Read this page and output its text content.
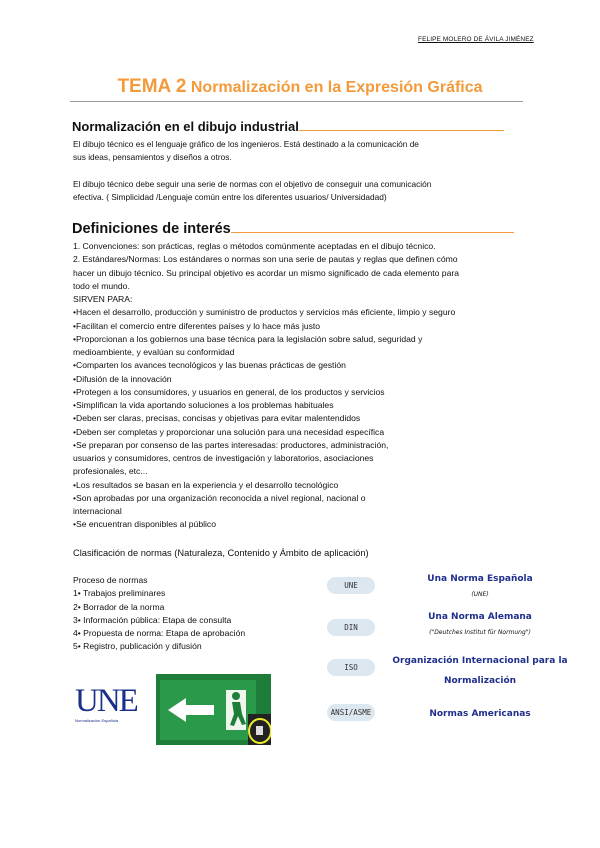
FELIPE MOLERO DE ÁVILA JIMÉNEZ
TEMA 2 Normalización en la Expresión Gráfica
Normalización en el dibujo industrial
El dibujo técnico es el lenguaje gráfico de los ingenieros. Está destinado a la comunicación de
sus ideas, pensamientos y diseños a otros.
El dibujo técnico debe seguir una serie de normas con el objetivo de conseguir una comunicación
efectiva. ( Simplicidad /Lenguaje común entre los diferentes usuarios/ Universidadad)
Definiciones de interés
1. Convenciones: son prácticas, reglas o métodos comúnmente aceptadas en el dibujo técnico.
2. Estándares/Normas: Los estándares o normas son una serie de pautas y reglas que definen cómo
hacer un dibujo técnico. Su principal objetivo es acordar un mismo significado de cada elemento para
todo el mundo.
SIRVEN PARA:
•Hacen el desarrollo, producción y suministro de productos y servicios más eficiente, limpio y seguro
•Facilitan el comercio entre diferentes países y lo hace más justo
•Proporcionan a los gobiernos una base técnica para la legislación sobre salud, seguridad y
medioambiente, y evalúan su conformidad
•Comparten los avances tecnológicos y las buenas prácticas de gestión
•Difusión de la innovación
•Protegen a los consumidores, y usuarios en general, de los productos y servicios
•Simplifican la vida aportando soluciones a los problemas habituales
•Deben ser claras, precisas, concisas y objetivas para evitar malentendidos
•Deben ser completas y proporcionar una solución para una necesidad específica
•Se preparan por consenso de las partes interesadas: productores, administración,
usuarios y consumidores, centros de investigación y laboratorios, asociaciones
profesionales, etc...
•Los resultados se basan en la experiencia y el desarrollo tecnológico
•Son aprobadas por una organización reconocida a nivel regional, nacional o
internacional
•Se encuentran disponibles al público
Clasificación de normas (Naturaleza, Contenido y Ámbito de aplicación)
Proceso de normas
1• Trabajos preliminares
2• Borrador de la norma
3• Información pública: Etapa de consulta
4• Propuesta de norma: Etapa de aprobación
5• Registro, publicación y difusión
UNE
DIN
ISO
ANSI/ASME
Una Norma Española
(UNE)
Una Norma Alemana
("Deutches Institut für Normung")
Organización Internacional para la
Normalización
Normas Americanas
UNE
Normalización Española
